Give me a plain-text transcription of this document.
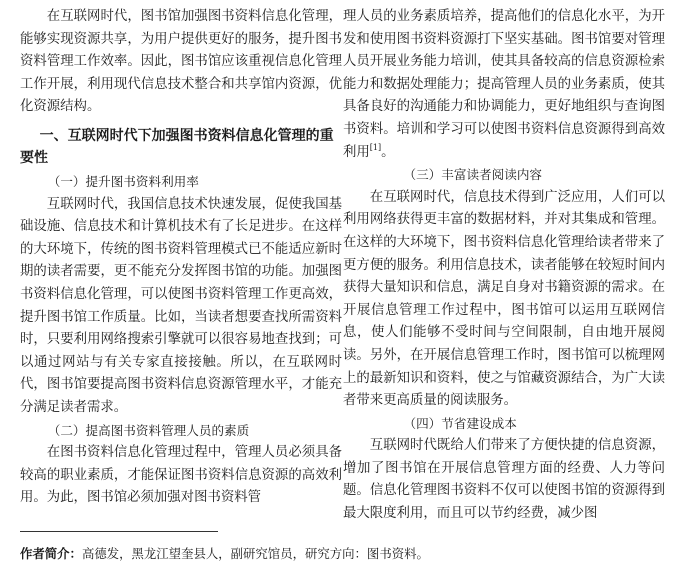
在互联网时代，图书馆加强图书资料信息化管理，能够实现资源共享，为用户提供更好的服务，提升图书资料管理工作效率。因此，图书馆应该重视信息化管理工作开展，利用现代信息技术整合和共享馆内资源，优化资源结构。

一、互联网时代下加强图书资料信息化管理的重要性
（一）提升图书资料利用率

互联网时代，我国信息技术快速发展，促使我国基础设施、信息技术和计算机技术有了长足进步。在这样的大环境下，传统的图书资料管理模式已不能适应新时期的读者需要，更不能充分发挥图书馆的功能。加强图书资料信息化管理，可以使图书资料管理工作更高效，提升图书馆工作质量。比如，当读者想要查找所需资料时，只要利用网络搜索引擎就可以很容易地查找到；可以通过网站与有关专家直接接触。所以，在互联网时代，图书馆要提高图书资料信息资源管理水平，才能充分满足读者需求。

（二）提高图书资料管理人员的素质

在图书资料信息化管理过程中，管理人员必须具备较高的职业素质，才能保证图书资料信息资源的高效利用。为此，图书馆必须加强对图书资料管

理人员的业务素质培养，提高他们的信息化水平，为开发和使用图书资料资源打下坚实基础。图书馆要对管理人员开展业务能力培训，使其具备较高的信息资源检索能力和数据处理能力；提高管理人员的业务素质，使其具备良好的沟通能力和协调能力，更好地组织与查询图书资料。培训和学习可以使图书资料信息资源得到高效利用[1]。

（三）丰富读者阅读内容

在互联网时代，信息技术得到广泛应用，人们可以利用网络获得更丰富的数据材料，并对其集成和管理。在这样的大环境下，图书资料信息化管理给读者带来了更方便的服务。利用信息技术，读者能够在较短时间内获得大量知识和信息，满足自身对书籍资源的需求。在开展信息管理工作过程中，图书馆可以运用互联网信息，使人们能够不受时间与空间限制，自由地开展阅读。另外，在开展信息管理工作时，图书馆可以梳理网上的最新知识和资料，使之与馆藏资源结合，为广大读者带来更高质量的阅读服务。

（四）节省建设成本

互联网时代既给人们带来了方便快捷的信息资源，增加了图书馆在开展信息管理方面的经费、人力等问题。信息化管理图书资料不仅可以使图书馆的资源得到最大限度利用，而且可以节约经费，减少图

作者简介：高德发，黑龙江望奎县人，副研究馆员，研究方向：图书资料。
